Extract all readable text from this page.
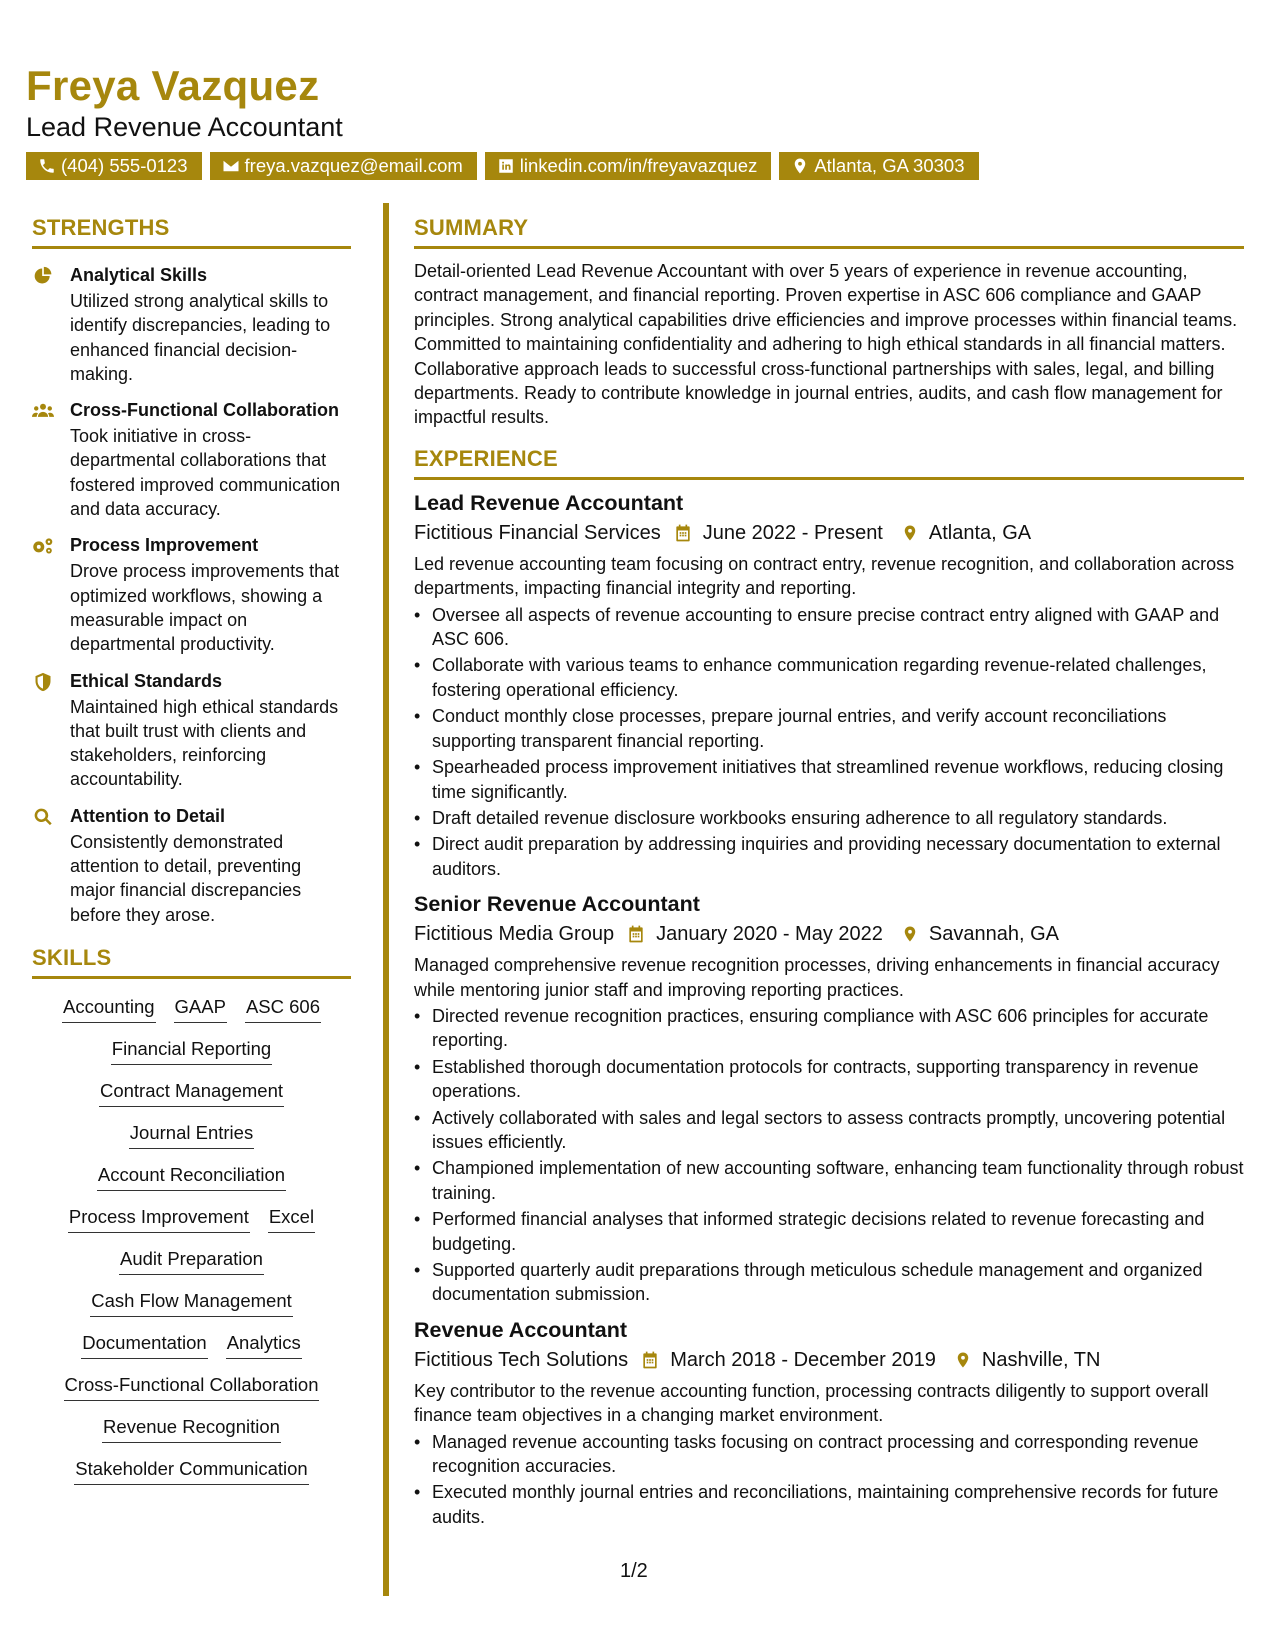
Freya Vazquez
Lead Revenue Accountant
(404) 555-0123	freya.vazquez@email.com	linkedin.com/in/freyavazquez	Atlanta, GA 30303
STRENGTHS
Analytical Skills
Utilized strong analytical skills to identify discrepancies, leading to enhanced financial decision-making.
Cross-Functional Collaboration
Took initiative in cross-departmental collaborations that fostered improved communication and data accuracy.
Process Improvement
Drove process improvements that optimized workflows, showing a measurable impact on departmental productivity.
Ethical Standards
Maintained high ethical standards that built trust with clients and stakeholders, reinforcing accountability.
Attention to Detail
Consistently demonstrated attention to detail, preventing major financial discrepancies before they arose.
SKILLS
Accounting GAAP ASC 606
Financial Reporting
Contract Management
Journal Entries
Account Reconciliation
Process Improvement Excel
Audit Preparation
Cash Flow Management
Documentation Analytics
Cross-Functional Collaboration
Revenue Recognition
Stakeholder Communication
SUMMARY

Detail-oriented Lead Revenue Accountant with over 5 years of experience in revenue accounting, contract management, and financial reporting. Proven expertise in ASC 606 compliance and GAAP principles. Strong analytical capabilities drive efficiencies and improve processes within financial teams. Committed to maintaining confidentiality and adhering to high ethical standards in all financial matters. Collaborative approach leads to successful cross-functional partnerships with sales, legal, and billing departments. Ready to contribute knowledge in journal entries, audits, and cash flow management for impactful results.

EXPERIENCE
Lead Revenue Accountant
Fictitious Financial Services June 2022 - Present Atlanta, GA
Led revenue accounting team focusing on contract entry, revenue recognition, and collaboration across departments, impacting financial integrity and reporting.
• Oversee all aspects of revenue accounting to ensure precise contract entry aligned with GAAP and ASC 606.
• Collaborate with various teams to enhance communication regarding revenue-related challenges, fostering operational efficiency.
• Conduct monthly close processes, prepare journal entries, and verify account reconciliations supporting transparent financial reporting.
• Spearheaded process improvement initiatives that streamlined revenue workflows, reducing closing time significantly.
• Draft detailed revenue disclosure workbooks ensuring adherence to all regulatory standards.
• Direct audit preparation by addressing inquiries and providing necessary documentation to external auditors.
Senior Revenue Accountant
Fictitious Media Group January 2020 - May 2022 Savannah, GA
Managed comprehensive revenue recognition processes, driving enhancements in financial accuracy while mentoring junior staff and improving reporting practices.
• Directed revenue recognition practices, ensuring compliance with ASC 606 principles for accurate reporting.
• Established thorough documentation protocols for contracts, supporting transparency in revenue operations.
• Actively collaborated with sales and legal sectors to assess contracts promptly, uncovering potential issues efficiently.
• Championed implementation of new accounting software, enhancing team functionality through robust training.
• Performed financial analyses that informed strategic decisions related to revenue forecasting and budgeting.
• Supported quarterly audit preparations through meticulous schedule management and organized documentation submission.
Revenue Accountant
Fictitious Tech Solutions March 2018 - December 2019 Nashville, TN
Key contributor to the revenue accounting function, processing contracts diligently to support overall finance team objectives in a changing market environment.
• Managed revenue accounting tasks focusing on contract processing and corresponding revenue recognition accuracies.
• Executed monthly journal entries and reconciliations, maintaining comprehensive records for future audits.
1/2
